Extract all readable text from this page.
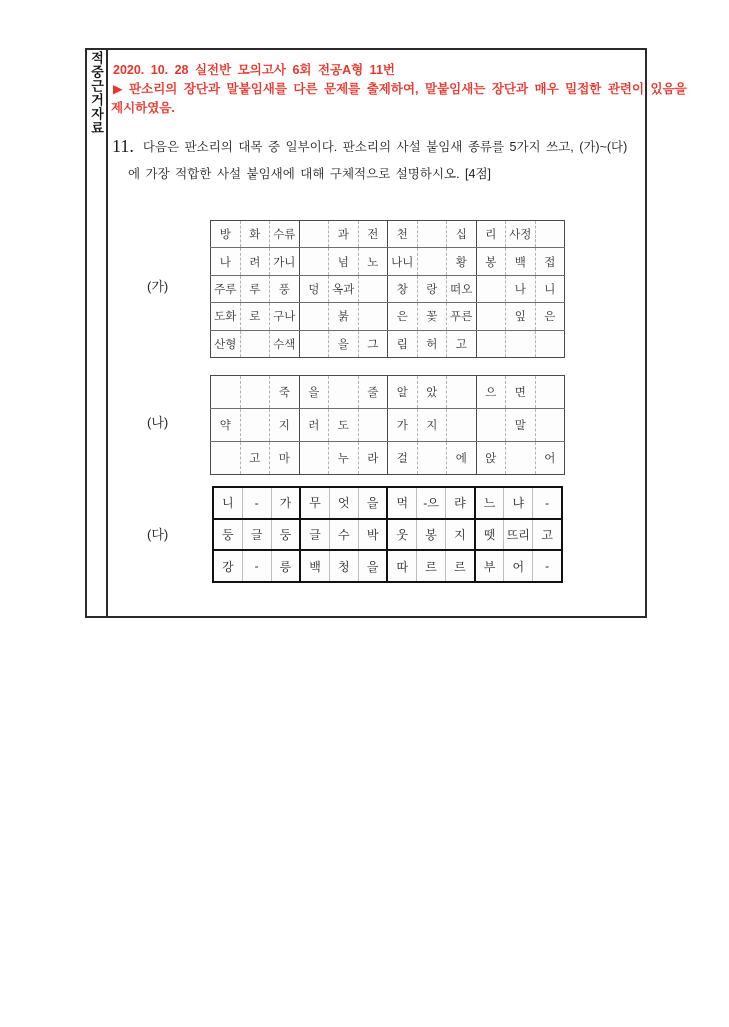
적중근거자료 2020. 10. 28 실전반 모의고사 6회 전공A형 11번
▶ 판소리의 장단과 말붙임새를 다른 문제를 출제하여, 말붙임새는 장단과 매우 밀접한 관련이 있음을
제시하였음.
11. 다음은 판소리의 대목 중 일부이다. 판소리의 사설 붙임새 종류를 5가지 쓰고, (가)~(다)
에 가장 적합한 사설 붙임새에 대해 구체적으로 설명하시오. [4점]
(가)
(나)
(다)
방	화	수류		과	전	천		십	리	사정	
나	려	가니		넘	노	나니		황	봉	백	접
주루	루	풍	덩	옥과		창	랑	떠오		나	니
도화	로	구나		붉		은	꽃	푸른		잎	은
산형		수색		을	그	림	허	고			
		죽	을		줄	알	았		으	면	
약		지	러	도		가	지			말	
	고	마		누	라	걸		에	앉		어
니	-	가	무	엇	을	먹	-으	랴	느	냐	-
둥	글	둥	글	수	박	웃	봉	지	뗏	뜨리	고
강	-	릉	백	청	을	따	르	르	부	어	-
